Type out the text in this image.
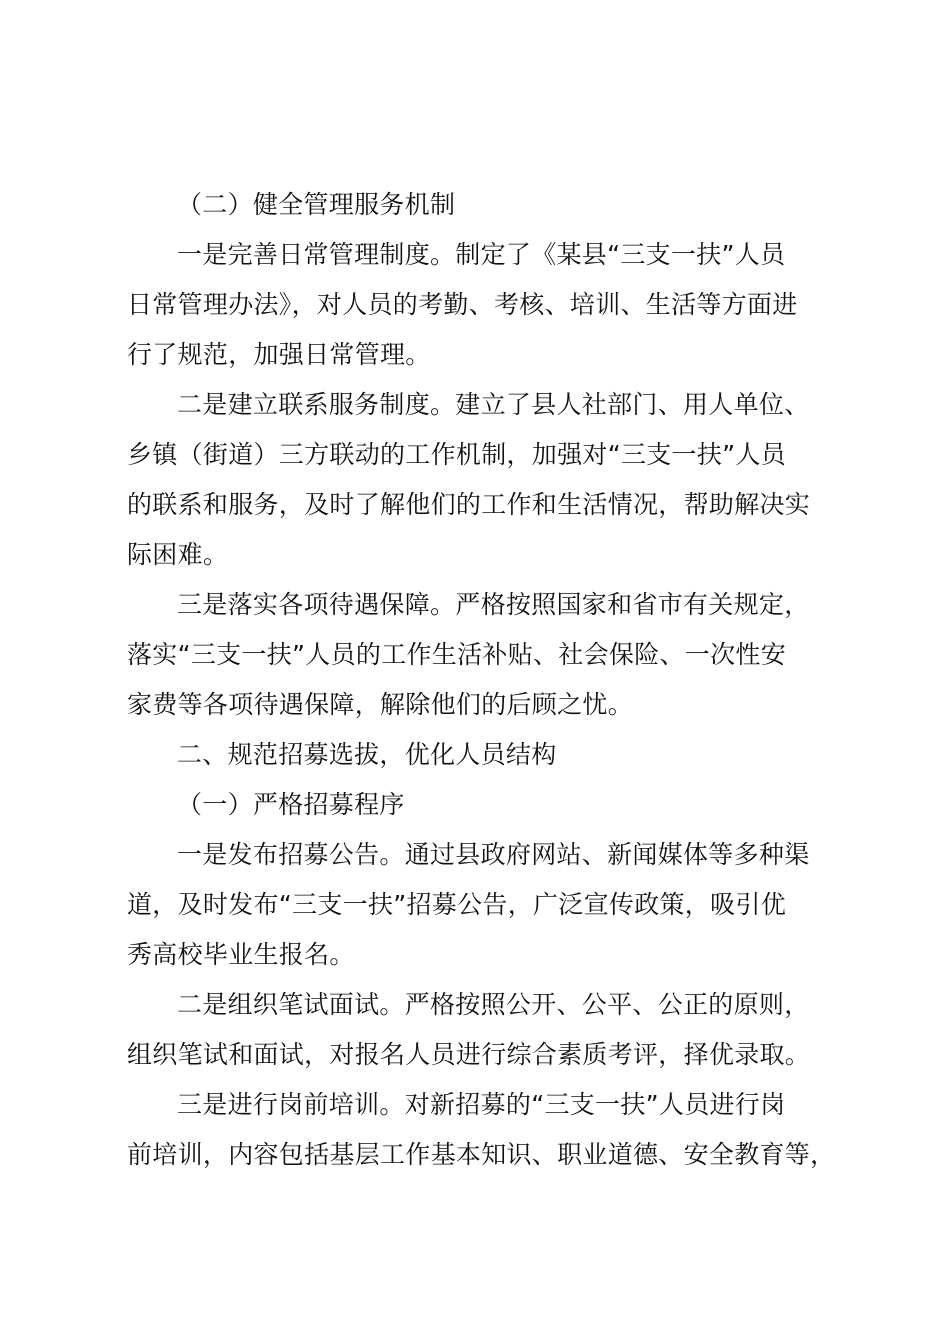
（二）健全管理服务机制

一是完善日常管理制度。制定了《某县“三支一扶”人员
日常管理办法》，对人员的考勤、考核、培训、生活等方面进
行了规范，加强日常管理。

二是建立联系服务制度。建立了县人社部门、用人单位、
乡镇（街道）三方联动的工作机制，加强对“三支一扶”人员
的联系和服务，及时了解他们的工作和生活情况，帮助解决实
际困难。

三是落实各项待遇保障。严格按照国家和省市有关规定，
落实“三支一扶”人员的工作生活补贴、社会保险、一次性安
家费等各项待遇保障，解除他们的后顾之忧。

二、规范招募选拔，优化人员结构

（一）严格招募程序

一是发布招募公告。通过县政府网站、新闻媒体等多种渠
道，及时发布“三支一扶”招募公告，广泛宣传政策，吸引优
秀高校毕业生报名。

二是组织笔试面试。严格按照公开、公平、公正的原则，
组织笔试和面试，对报名人员进行综合素质考评，择优录取。

三是进行岗前培训。对新招募的“三支一扶”人员进行岗
前培训，内容包括基层工作基本知识、职业道德、安全教育等，
